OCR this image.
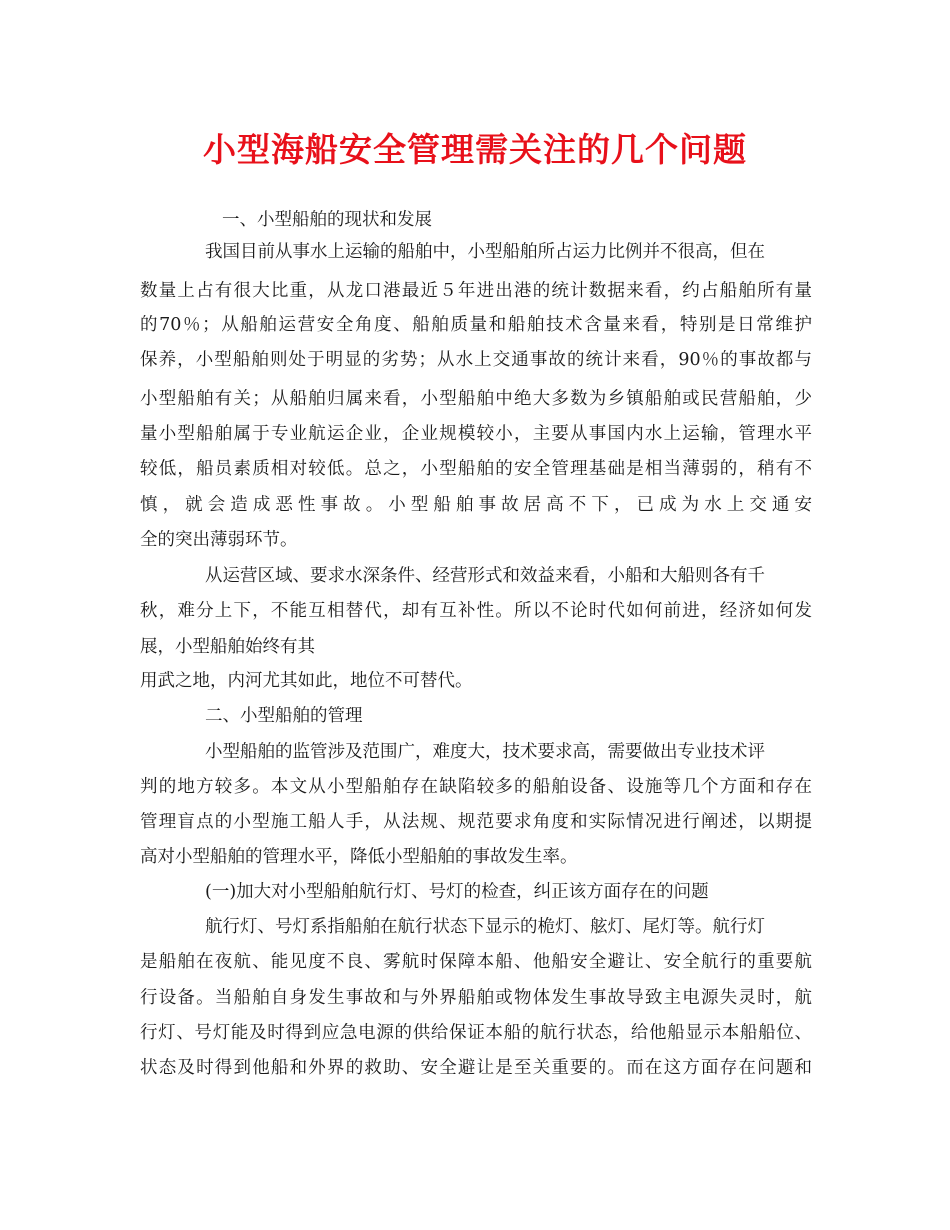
小型海船安全管理需关注的几个问题

一、小型船舶的现状和发展

我国目前从事水上运输的船舶中，小型船舶所占运力比例并不很高，但在

数量上占有很大比重，从龙口港最近５年进出港的统计数据来看，约占船舶所有量

的70％；从船舶运营安全角度、船舶质量和船舶技术含量来看，特别是日常维护

保养，小型船舶则处于明显的劣势；从水上交通事故的统计来看，90％的事故都与

小型船舶有关；从船舶归属来看，小型船舶中绝大多数为乡镇船舶或民营船舶，少

量小型船舶属于专业航运企业，企业规模较小，主要从事国内水上运输，管理水平

较低，船员素质相对较低。总之，小型船舶的安全管理基础是相当薄弱的，稍有不

慎，就会造成恶性事故。小型船舶事故居高不下，已成为水上交通安

全的突出薄弱环节。

从运营区域、要求水深条件、经营形式和效益来看，小船和大船则各有千

秋，难分上下，不能互相替代，却有互补性。所以不论时代如何前进，经济如何发

展，小型船舶始终有其

用武之地，内河尤其如此，地位不可替代。

二、小型船舶的管理

小型船舶的监管涉及范围广，难度大，技术要求高，需要做出专业技术评

判的地方较多。本文从小型船舶存在缺陷较多的船舶设备、设施等几个方面和存在

管理盲点的小型施工船人手，从法规、规范要求角度和实际情况进行阐述，以期提

高对小型船舶的管理水平，降低小型船舶的事故发生率。

(一)加大对小型船舶航行灯、号灯的检查，纠正该方面存在的问题

航行灯、号灯系指船舶在航行状态下显示的桅灯、舷灯、尾灯等。航行灯

是船舶在夜航、能见度不良、雾航时保障本船、他船安全避让、安全航行的重要航

行设备。当船舶自身发生事故和与外界船舶或物体发生事故导致主电源失灵时，航

行灯、号灯能及时得到应急电源的供给保证本船的航行状态，给他船显示本船船位、

状态及时得到他船和外界的救助、安全避让是至关重要的。而在这方面存在问题和
